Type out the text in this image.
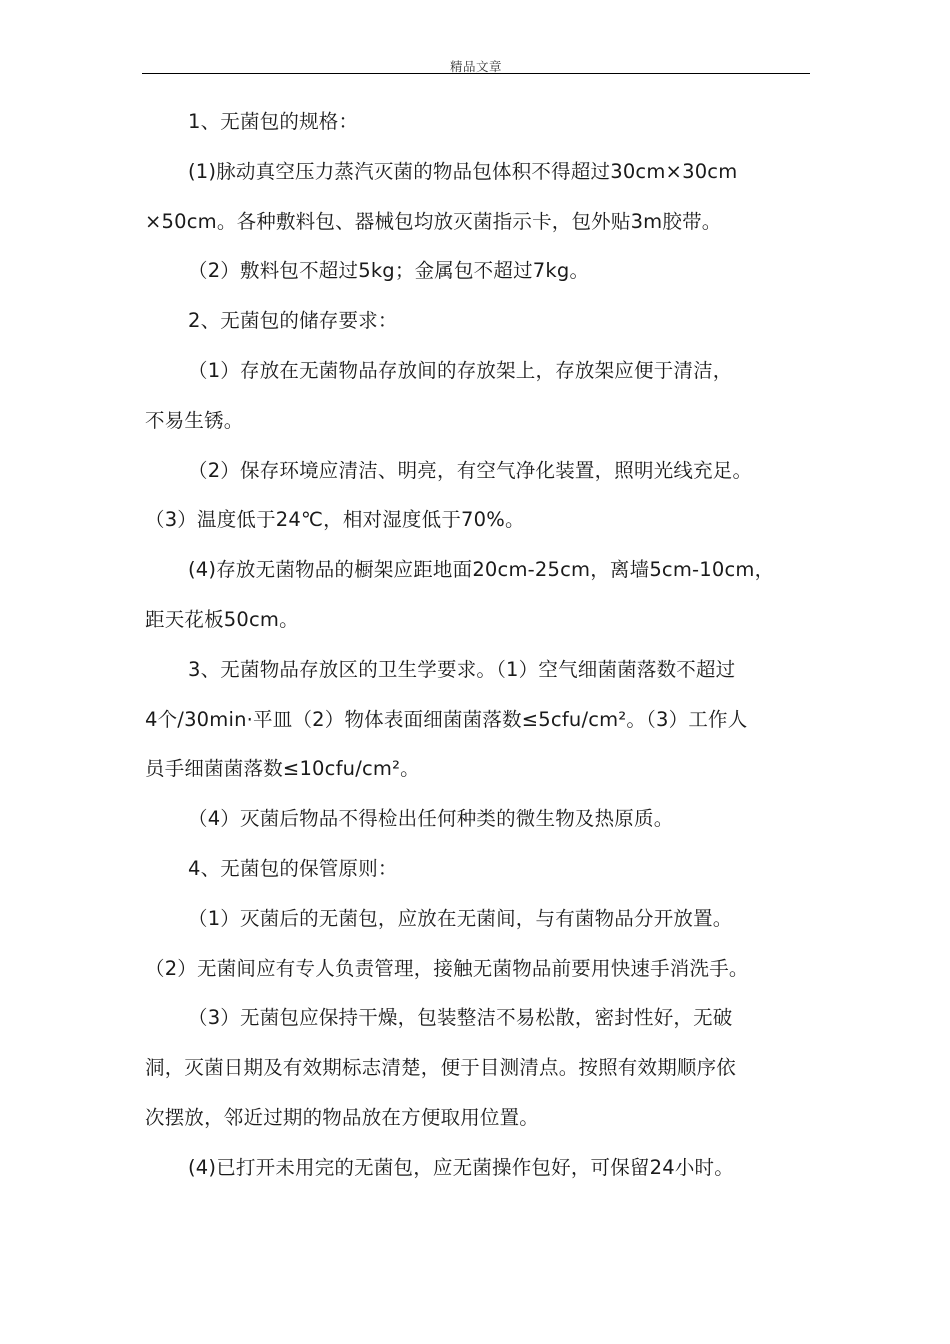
精品文章
1、无菌包的规格：
(1)脉动真空压力蒸汽灭菌的物品包体积不得超过30cm×30cm
×50cm。各种敷料包、器械包均放灭菌指示卡，包外贴3m胶带。
（2）敷料包不超过5kg；金属包不超过7kg。
2、无菌包的储存要求：
（1）存放在无菌物品存放间的存放架上，存放架应便于清洁，
不易生锈。
（2）保存环境应清洁、明亮，有空气净化装置，照明光线充足。
（3）温度低于24℃，相对湿度低于70%。
(4)存放无菌物品的橱架应距地面20cm-25cm，离墙5cm-10cm，
距天花板50cm。
3、无菌物品存放区的卫生学要求。（1）空气细菌菌落数不超过
4个/30min·平皿（2）物体表面细菌菌落数≤5cfu/cm²。（3）工作人
员手细菌菌落数≤10cfu/cm²。
（4）灭菌后物品不得检出任何种类的微生物及热原质。
4、无菌包的保管原则：
（1）灭菌后的无菌包，应放在无菌间，与有菌物品分开放置。
（2）无菌间应有专人负责管理，接触无菌物品前要用快速手消洗手。
（3）无菌包应保持干燥，包装整洁不易松散，密封性好，无破
洞，灭菌日期及有效期标志清楚，便于目测清点。按照有效期顺序依
次摆放，邻近过期的物品放在方便取用位置。
(4)已打开未用完的无菌包，应无菌操作包好，可保留24小时。
